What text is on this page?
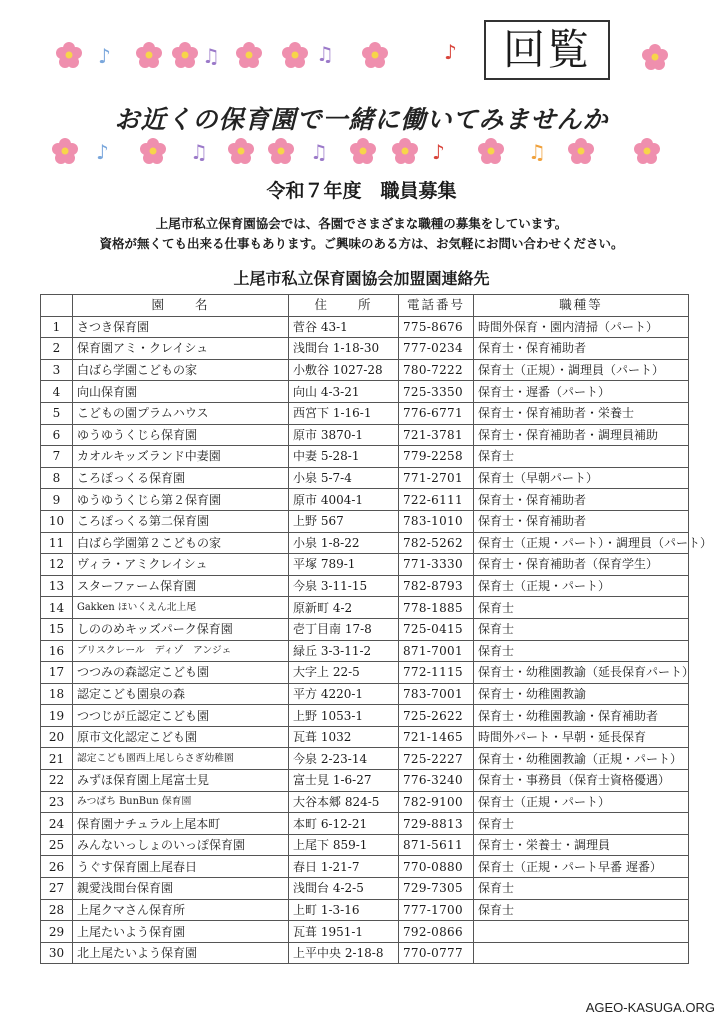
♪	♫	♫	♪	回覧
お近くの保育園で一緒に働いてみませんか
♪	♫	♫	♪	♫
令和７年度　職員募集
上尾市私立保育園協会では、各園でさまざまな職種の募集をしています。
資格が無くても出来る仕事もあります。ご興味のある方は、お気軽にお問い合わせください。
上尾市私立保育園協会加盟園連絡先
	園　　名	住　　所	電話番号	職種等
1	さつき保育園	菅谷 43-1	775-8676	時間外保育・園内清掃（パート）
2	保育園アミ・クレイシュ	浅間台 1-18-30	777-0234	保育士・保育補助者
3	白ばら学園こどもの家	小敷谷 1027-28	780-7222	保育士（正規）・調理員（パート）
4	向山保育園	向山 4-3-21	725-3350	保育士・遅番（パート）
5	こどもの園プラムハウス	西宮下 1-16-1	776-6771	保育士・保育補助者・栄養士
6	ゆうゆうくじら保育園	原市 3870-1	721-3781	保育士・保育補助者・調理員補助
7	カオルキッズランド中妻園	中妻 5-28-1	779-2258	保育士
8	ころぽっくる保育園	小泉 5-7-4	771-2701	保育士（早朝パート）
9	ゆうゆうくじら第２保育園	原市 4004-1	722-6111	保育士・保育補助者
10	ころぽっくる第二保育園	上野 567	783-1010	保育士・保育補助者
11	白ばら学園第２こどもの家	小泉 1-8-22	782-5262	保育士（正規・パート）・調理員（パート）
12	ヴィラ・アミクレイシュ	平塚 789-1	771-3330	保育士・保育補助者（保育学生）
13	スターファーム保育園	今泉 3-11-15	782-8793	保育士（正規・パート）
14	Gakken ほいくえん北上尾	原新町 4-2	778-1885	保育士
15	しののめキッズパーク保育園	壱丁目南 17-8	725-0415	保育士
16	ブリスクレール　ディゾ　アンジェ	緑丘 3-3-11-2	871-7001	保育士
17	つつみの森認定こども園	大字上 22-5	772-1115	保育士・幼稚園教諭（延長保育パート）
18	認定こども園泉の森	平方 4220-1	783-7001	保育士・幼稚園教諭
19	つつじが丘認定こども園	上野 1053-1	725-2622	保育士・幼稚園教諭・保育補助者
20	原市文化認定こども園	瓦葺 1032	721-1465	時間外パート・早朝・延長保育
21	認定こども園西上尾しらさぎ幼稚園	今泉 2-23-14	725-2227	保育士・幼稚園教諭（正規・パート）
22	みずほ保育園上尾富士見	富士見 1-6-27	776-3240	保育士・事務員（保育士資格優遇）
23	みつばち BunBun 保育園	大谷本郷 824-5	782-9100	保育士（正規・パート）
24	保育園ナチュラル上尾本町	本町 6-12-21	729-8813	保育士
25	みんないっしょのいっぽ保育園	上尾下 859-1	871-5611	保育士・栄養士・調理員
26	うぐす保育園上尾春日	春日 1-21-7	770-0880	保育士（正規・パート早番 遅番）
27	親愛浅間台保育園	浅間台 4-2-5	729-7305	保育士
28	上尾クマさん保育所	上町 1-3-16	777-1700	保育士
29	上尾たいよう保育園	瓦葺 1951-1	792-0866	
30	北上尾たいよう保育園	上平中央 2-18-8	770-0777	
AGEO-KASUGA.ORG
